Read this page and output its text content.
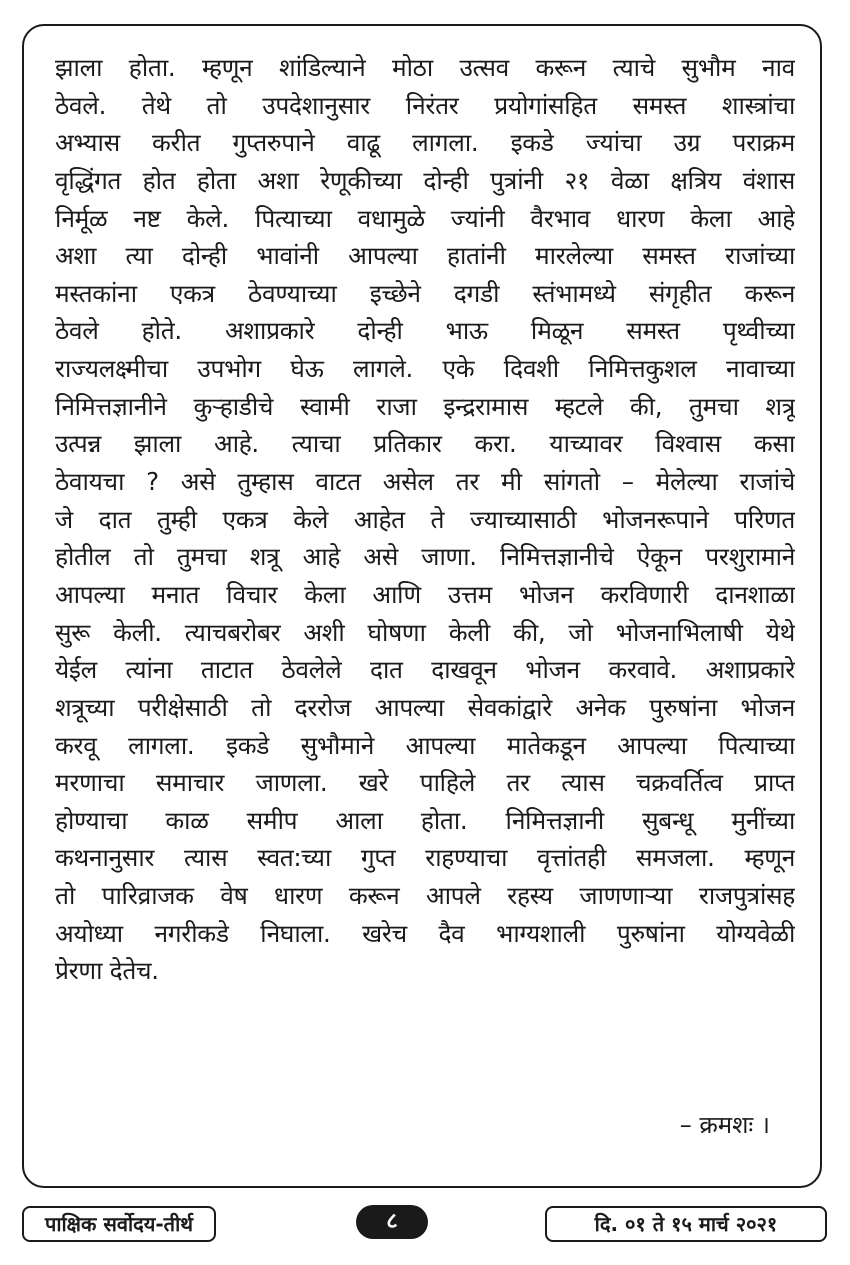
झाला होता. म्हणून शांडिल्याने मोठा उत्सव करून त्याचे सुभौम नाव
ठेवले. तेथे तो उपदेशानुसार निरंतर प्रयोगांसहित समस्त शास्त्रांचा
अभ्यास करीत गुप्तरुपाने वाढू लागला. इकडे ज्यांचा उग्र पराक्रम
वृद्धिंगत होत होता अशा रेणूकीच्या दोन्ही पुत्रांनी २१ वेळा क्षत्रिय वंशास
निर्मूळ नष्ट केले. पित्याच्या वधामुळे ज्यांनी वैरभाव धारण केला आहे
अशा त्या दोन्ही भावांनी आपल्या हातांनी मारलेल्या समस्त राजांच्या
मस्तकांना एकत्र ठेवण्याच्या इच्छेने दगडी स्तंभामध्ये संगृहीत करून
ठेवले होते. अशाप्रकारे दोन्ही भाऊ मिळून समस्त पृथ्वीच्या
राज्यलक्ष्मीचा उपभोग घेऊ लागले. एके दिवशी निमित्तकुशल नावाच्या
निमित्तज्ञानीने कुऱ्हाडीचे स्वामी राजा इन्द्ररामास म्हटले की, तुमचा शत्रू
उत्पन्न झाला आहे. त्याचा प्रतिकार करा. याच्यावर विश्वास कसा
ठेवायचा ? असे तुम्हास वाटत असेल तर मी सांगतो – मेलेल्या राजांचे
जे दात तुम्ही एकत्र केले आहेत ते ज्याच्यासाठी भोजनरूपाने परिणत
होतील तो तुमचा शत्रू आहे असे जाणा. निमित्तज्ञानीचे ऐकून परशुरामाने
आपल्या मनात विचार केला आणि उत्तम भोजन करविणारी दानशाळा
सुरू केली. त्याचबरोबर अशी घोषणा केली की, जो भोजनाभिलाषी येथे
येईल त्यांना ताटात ठेवलेले दात दाखवून भोजन करवावे. अशाप्रकारे
शत्रूच्या परीक्षेसाठी तो दररोज आपल्या सेवकांद्वारे अनेक पुरुषांना भोजन
करवू लागला. इकडे सुभौमाने आपल्या मातेकडून आपल्या पित्याच्या
मरणाचा समाचार जाणला. खरे पाहिले तर त्यास चक्रवर्तित्व प्राप्त
होण्याचा काळ समीप आला होता. निमित्तज्ञानी सुबन्धू मुनींच्या
कथनानुसार त्यास स्वत:च्या गुप्त राहण्याचा वृत्तांतही समजला. म्हणून
तो पारिव्राजक वेष धारण करून आपले रहस्य जाणणाऱ्या राजपुत्रांसह
अयोध्या नगरीकडे निघाला. खरेच दैव भाग्यशाली पुरुषांना योग्यवेळी
प्रेरणा देतेच.
– क्रमशः ।
पाक्षिक सर्वोदय-तीर्थ	८	दि. ०१ ते १५ मार्च २०२१
